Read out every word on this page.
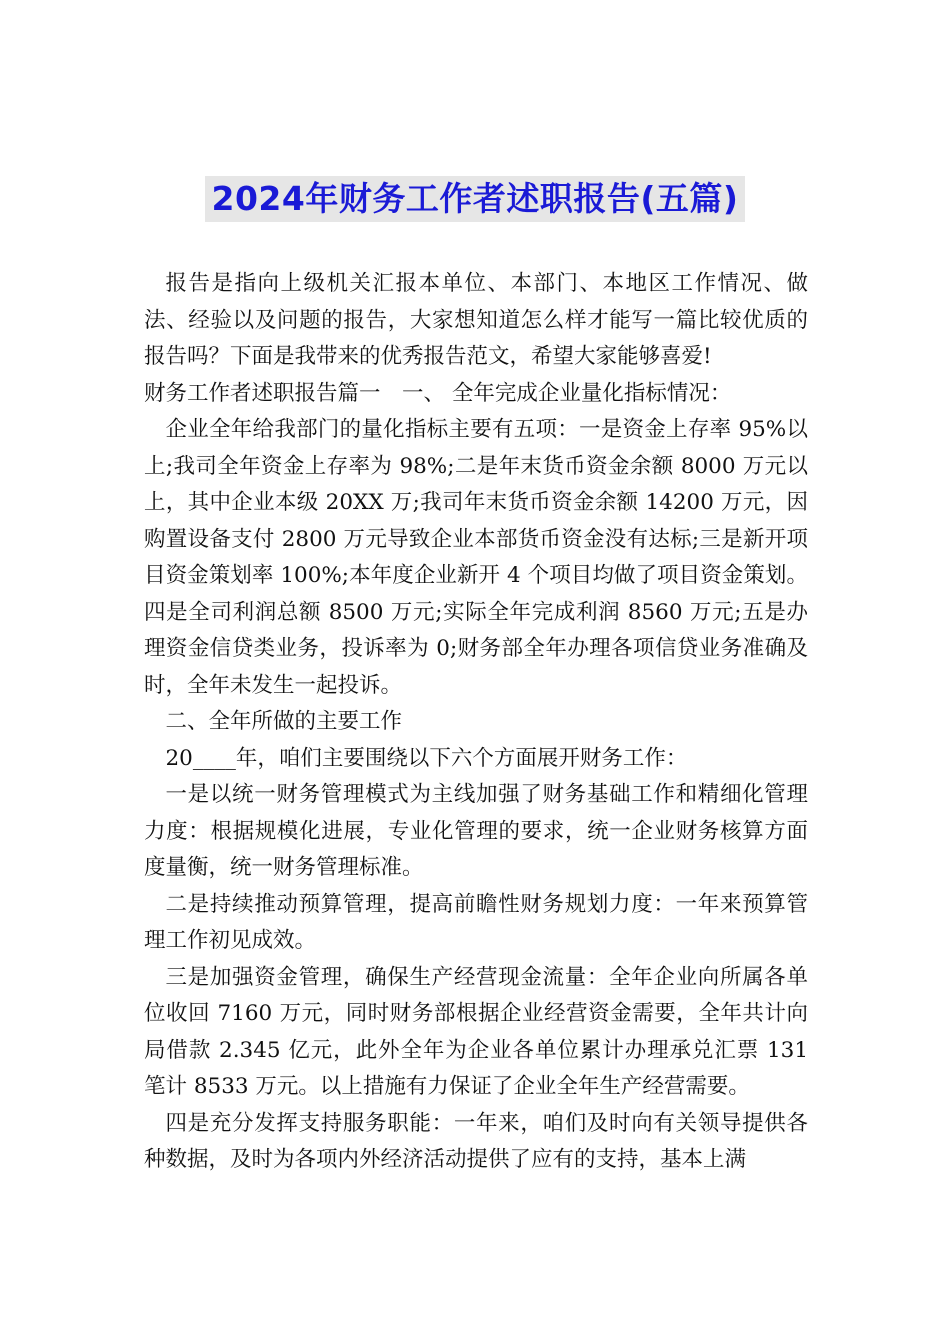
2024年财务工作者述职报告(五篇)

报告是指向上级机关汇报本单位、本部门、本地区工作情况、做法、经验以及问题的报告，大家想知道怎么样才能写一篇比较优质的报告吗？下面是我带来的优秀报告范文，希望大家能够喜爱!

财务工作者述职报告篇一　一、 全年完成企业量化指标情况：

企业全年给我部门的量化指标主要有五项：一是资金上存率 95%以上;我司全年资金上存率为 98%;二是年末货币资金余额 8000 万元以上，其中企业本级 20XX 万;我司年末货币资金余额 14200 万元，因购置设备支付 2800 万元导致企业本部货币资金没有达标;三是新开项目资金策划率 100%;本年度企业新开 4 个项目均做了项目资金策划。四是全司利润总额 8500 万元;实际全年完成利润 8560 万元;五是办理资金信贷类业务，投诉率为 0;财务部全年办理各项信贷业务准确及时，全年未发生一起投诉。

二、全年所做的主要工作

20____年，咱们主要围绕以下六个方面展开财务工作：

一是以统一财务管理模式为主线加强了财务基础工作和精细化管理力度：根据规模化进展，专业化管理的要求，统一企业财务核算方面度量衡，统一财务管理标准。

二是持续推动预算管理，提高前瞻性财务规划力度：一年来预算管理工作初见成效。

三是加强资金管理，确保生产经营现金流量：全年企业向所属各单位收回 7160 万元，同时财务部根据企业经营资金需要，全年共计向局借款 2.345 亿元，此外全年为企业各单位累计办理承兑汇票 131 笔计 8533 万元。以上措施有力保证了企业全年生产经营需要。

四是充分发挥支持服务职能：一年来，咱们及时向有关领导提供各种数据，及时为各项内外经济活动提供了应有的支持，基本上满
